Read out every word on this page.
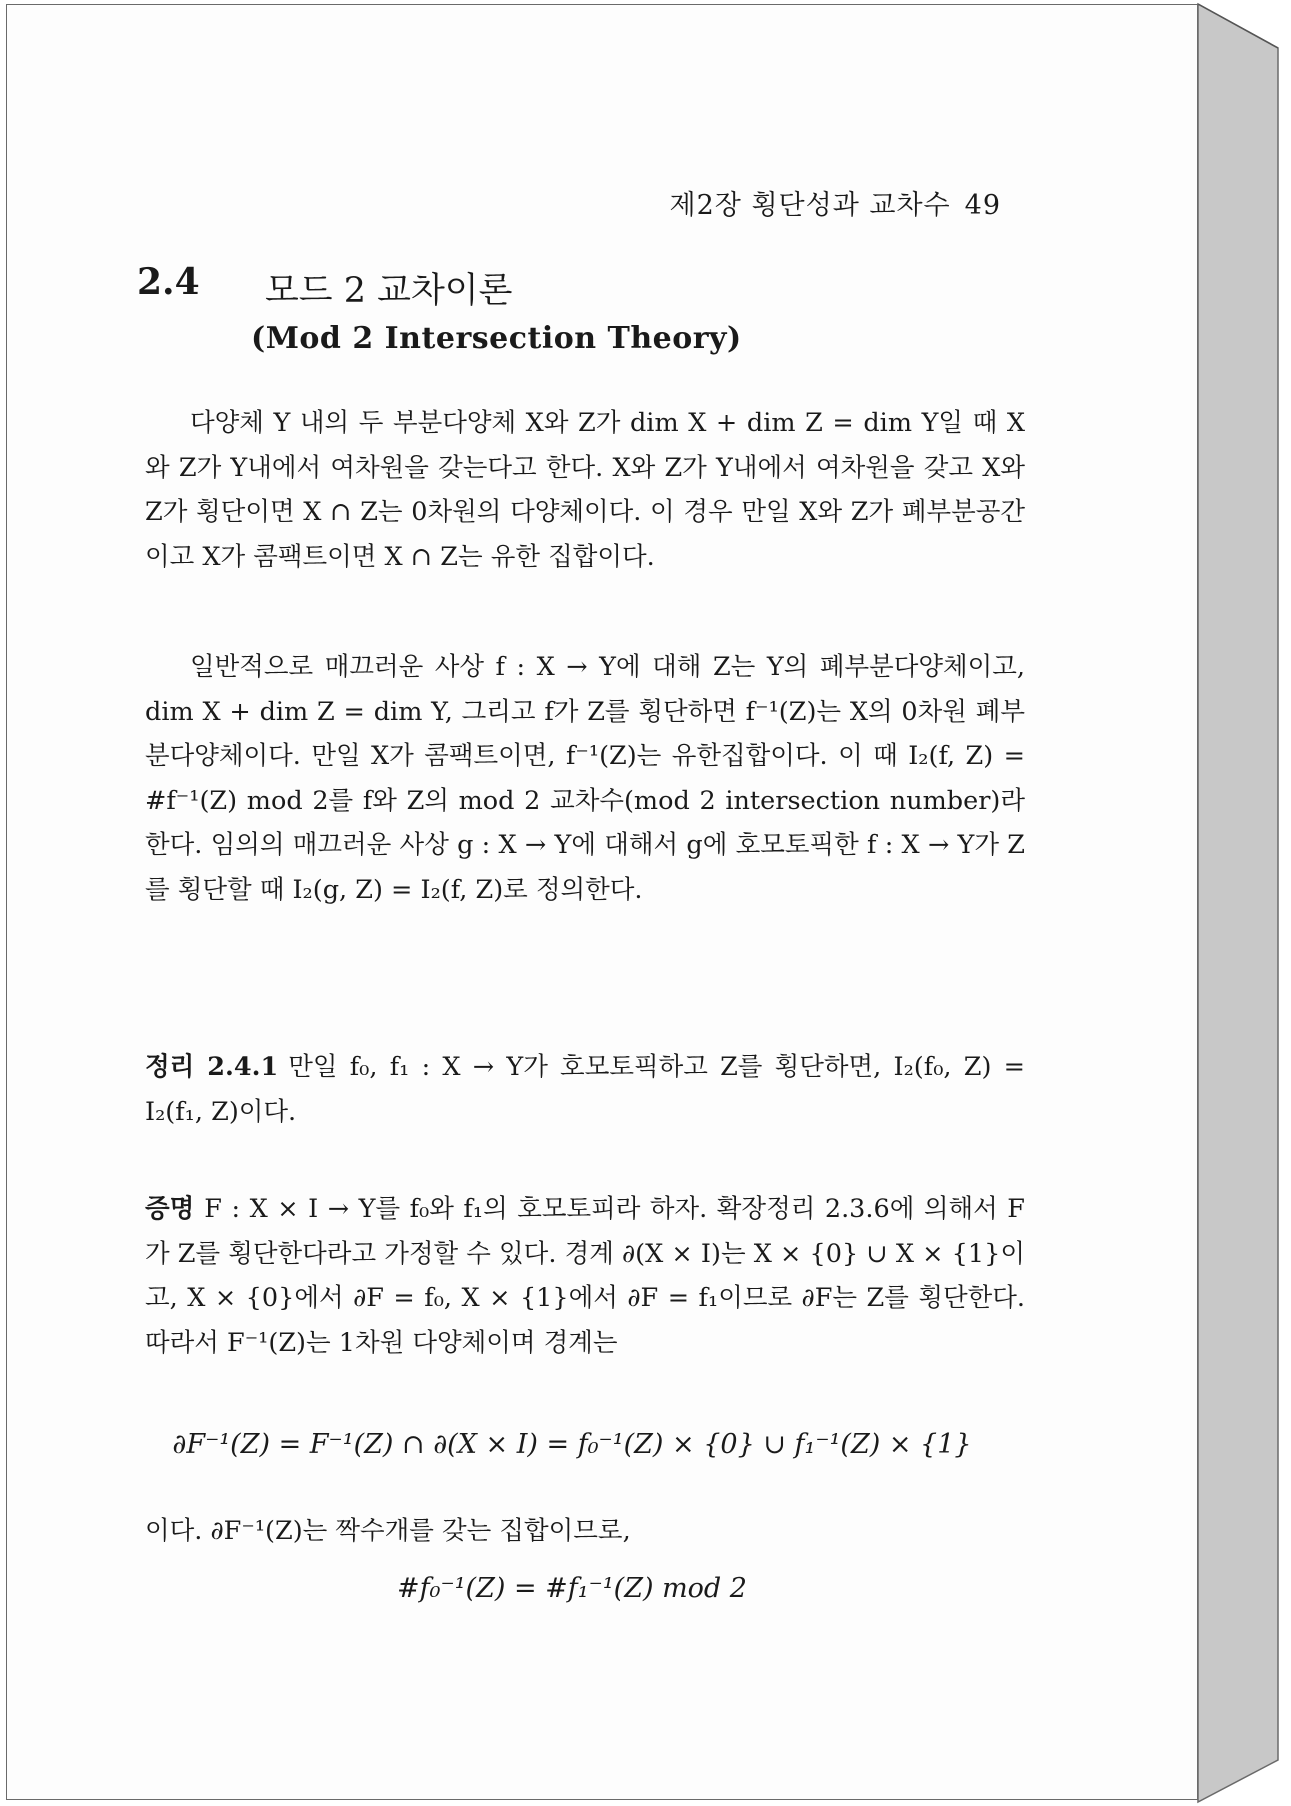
제2장 횡단성과 교차수 49
2.4 모드 2 교차이론
(Mod 2 Intersection Theory)
다양체 Y 내의 두 부분다양체 X와 Z가 dim X + dim Z = dim Y일 때 X와 Z가 Y내에서 여차원을 갖는다고 한다. X와 Z가 Y내에서 여차원을 갖고 X와 Z가 횡단이면 X ∩ Z는 0차원의 다양체이다. 이 경우 만일 X와 Z가 폐부분공간이고 X가 콤팩트이면 X ∩ Z는 유한 집합이다.
일반적으로 매끄러운 사상 f : X → Y에 대해 Z는 Y의 폐부분다양체이고, dim X + dim Z = dim Y, 그리고 f가 Z를 횡단하면 f⁻¹(Z)는 X의 0차원 폐부분다양체이다. 만일 X가 콤팩트이면, f⁻¹(Z)는 유한집합이다. 이 때 I₂(f, Z) = #f⁻¹(Z) mod 2를 f와 Z의 mod 2 교차수(mod 2 intersection number)라 한다. 임의의 매끄러운 사상 g : X → Y에 대해서 g에 호모토픽한 f : X → Y가 Z를 횡단할 때 I₂(g, Z) = I₂(f, Z)로 정의한다.
정리 2.4.1 만일 f₀, f₁ : X → Y가 호모토픽하고 Z를 횡단하면, I₂(f₀, Z) = I₂(f₁, Z)이다.
증명 F : X × I → Y를 f₀와 f₁의 호모토피라 하자. 확장정리 2.3.6에 의해서 F가 Z를 횡단한다라고 가정할 수 있다. 경계 ∂(X × I)는 X × {0} ∪ X × {1}이고, X × {0}에서 ∂F = f₀, X × {1}에서 ∂F = f₁이므로 ∂F는 Z를 횡단한다. 따라서 F⁻¹(Z)는 1차원 다양체이며 경계는
∂F⁻¹(Z) = F⁻¹(Z) ∩ ∂(X × I) = f₀⁻¹(Z) × {0} ∪ f₁⁻¹(Z) × {1}
이다. ∂F⁻¹(Z)는 짝수개를 갖는 집합이므로,
#f₀⁻¹(Z) = #f₁⁻¹(Z) mod 2
